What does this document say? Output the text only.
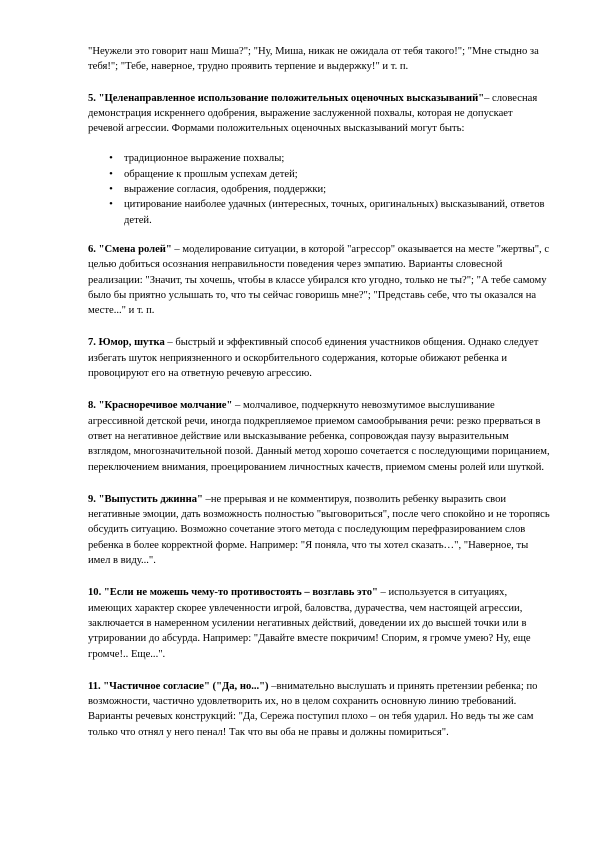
"Неужели это говорит наш Миша?"; "Ну, Миша, никак не ожидала от тебя такого!"; "Мне стыдно за тебя!"; "Тебе, наверное, трудно проявить терпение и выдержку!" и т. п.

5. "Целенаправленное использование положительных оценочных высказываний"– словесная демонстрация искреннего одобрения, выражение заслуженной похвалы, которая не допускает речевой агрессии. Формами положительных оценочных высказываний могут быть:

• традиционное выражение похвалы;
• обращение к прошлым успехам детей;
• выражение согласия, одобрения, поддержки;
• цитирование наиболее удачных (интересных, точных, оригинальных) высказываний, ответов детей.

6. "Смена ролей" – моделирование ситуации, в которой "агрессор" оказывается на месте "жертвы", с целью добиться осознания неправильности поведения через эмпатию. Варианты словесной реализации: "Значит, ты хочешь, чтобы в классе убирался кто угодно, только не ты?"; "А тебе самому было бы приятно услышать то, что ты сейчас говоришь мне?"; "Представь себе, что ты оказался на месте..." и т. п.

7. Юмор, шутка – быстрый и эффективный способ единения участников общения. Однако следует избегать шуток неприязненного и оскорбительного содержания, которые обижают ребенка и провоцируют его на ответную речевую агрессию.

8. "Красноречивое молчание" – молчаливое, подчеркнуто невозмутимое выслушивание агрессивной детской речи, иногда подкрепляемое приемом самообрывания речи: резко прерваться в ответ на негативное действие или высказывание ребенка, сопровождая паузу выразительным взглядом, многозначительной позой. Данный метод хорошо сочетается с последующими порицанием, переключением внимания, проецированием личностных качеств, приемом смены ролей или шуткой.

9. "Выпустить джинна" –не прерывая и не комментируя, позволить ребенку выразить свои негативные эмоции, дать возможность полностью "выговориться", после чего спокойно и не торопясь обсудить ситуацию. Возможно сочетание этого метода с последующим перефразированием слов ребенка в более корректной форме. Например: "Я поняла, что ты хотел сказать…", "Наверное, ты имел в виду...".

10. "Если не можешь чему-то противостоять – возглавь это" – используется в ситуациях, имеющих характер скорее увлеченности игрой, баловства, дурачества, чем настоящей агрессии, заключается в намеренном усилении негативных действий, доведении их до высшей точки или в утрировании до абсурда. Например: "Давайте вместе покричим! Спорим, я громче умею? Ну, еще громче!.. Еще...".

11. "Частичное согласие" ("Да, но...") –внимательно выслушать и принять претензии ребенка; по возможности, частично удовлетворить их, но в целом сохранить основную линию требований. Варианты речевых конструкций: "Да, Сережа поступил плохо – он тебя ударил. Но ведь ты же сам только что отнял у него пенал! Так что вы оба не правы и должны помириться".
